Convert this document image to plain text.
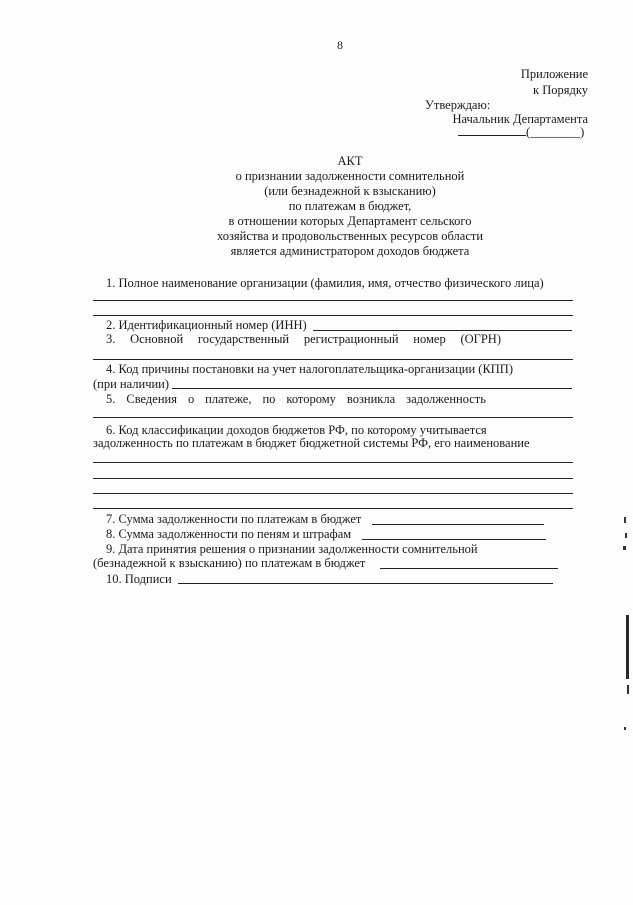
8
Приложение
к Порядку
Утверждаю:
Начальник Департамента
(________)
АКТ
о признании задолженности сомнительной
(или безнадежной к взысканию)
по платежам в бюджет,
в отношении которых Департамент сельского
хозяйства и продовольственных ресурсов области
является администратором доходов бюджета
1. Полное наименование организации (фамилия, имя, отчество физического лица)
2. Идентификационный номер (ИНН)
3. Основной государственный регистрационный номер (ОГРН)
4. Код причины постановки на учет налогоплательщика-организации (КПП)
(при наличии)
5. Сведения о платеже, по которому возникла задолженность
6. Код классификации доходов бюджетов РФ, по которому учитывается
задолженность по платежам в бюджет бюджетной системы РФ, его наименование
7. Сумма задолженности по платежам в бюджет
8. Сумма задолженности по пеням и штрафам
9. Дата принятия решения о признании задолженности сомнительной
(безнадежной к взысканию) по платежам в бюджет
10. Подписи
